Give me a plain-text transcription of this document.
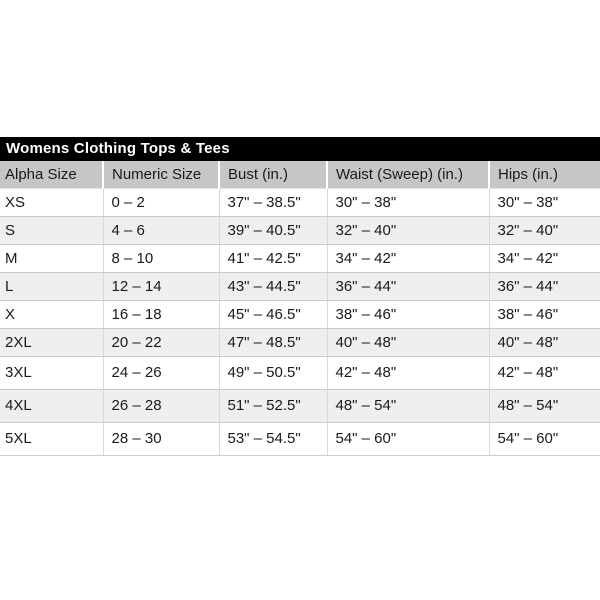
Womens Clothing Tops & Tees
Alpha Size	Numeric Size	Bust (in.)	Waist (Sweep) (in.)	Hips (in.)
XS	0 – 2	37" – 38.5"	30" – 38"	30" – 38"
S	4 – 6	39" – 40.5"	32" – 40"	32" – 40"
M	8 – 10	41" – 42.5"	34" – 42"	34" – 42"
L	12 – 14	43" – 44.5"	36" – 44"	36" – 44"
X	16 – 18	45" – 46.5"	38" – 46"	38" – 46"
2XL	20 – 22	47" – 48.5"	40" – 48"	40" – 48"
3XL	24 – 26	49" – 50.5"	42" – 48"	42" – 48"
4XL	26 – 28	51" – 52.5"	48" – 54"	48" – 54"
5XL	28 – 30	53" – 54.5"	54" – 60"	54" – 60"
